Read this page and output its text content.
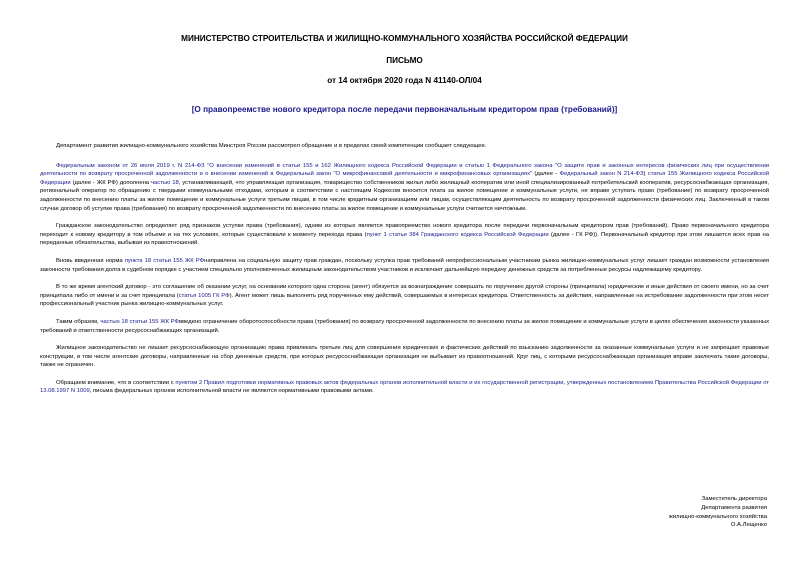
МИНИСТЕРСТВО СТРОИТЕЛЬСТВА И ЖИЛИЩНО-КОММУНАЛЬНОГО ХОЗЯЙСТВА РОССИЙСКОЙ ФЕДЕРАЦИИ
ПИСЬМО
от 14 октября 2020 года N 41140-ОЛ/04
[О правопреемстве нового кредитора после передачи первоначальным кредитором прав (требований)]

Департамент развития жилищно-коммунального хозяйства Минстроя России рассмотрел обращение и в пределах своей компетенции сообщает следующее.

Федеральным законом от 26 июля 2019 г. N 214-ФЗ "О внесении изменений в статьи 155 и 162 Жилищного кодекса Российской Федерации и статью 1 Федерального закона "О защите прав и законных интересов физических лиц при осуществлении деятельности по возврату просроченной задолженности и о внесении изменений в Федеральный закон "О микрофинансовой деятельности и микрофинансовых организациях" (далее - Федеральный закон N 214-ФЗ) статья 155 Жилищного кодекса Российской Федерации (далее - ЖК РФ) дополнена частью 18, устанавливающей, что управляющая организация, товарищество собственников жилья либо жилищный кооператив или иной специализированный потребительский кооператив, ресурсоснабжающая организация, региональный оператор по обращению с твердыми коммунальными отходами, которым в соответствии с настоящим Кодексом вносится плата за жилое помещение и коммунальные услуги, не вправе уступать право (требование) по возврату просроченной задолженности по внесению платы за жилое помещение и коммунальные услуги третьим лицам, в том числе кредитным организациям или лицам, осуществляющим деятельность по возврату просроченной задолженности физических лиц. Заключенный в таком случае договор об уступке права (требования) по возврату просроченной задолженности по внесению платы за жилое помещение и коммунальные услуги считается ничтожным.

Гражданское законодательство определяет ряд признаков уступки права (требования), одним из которых является правопреемство нового кредитора после передачи первоначальным кредитором прав (требований). Право первоначального кредитора переходит к новому кредитору в том объеме и на тех условиях, которые существовали к моменту перехода права (пункт 1 статьи 384 Гражданского кодекса Российской Федерации (далее - ГК РФ)). Первоначальный кредитор при этом лишается всех прав на переданные обязательства, выбывая из правоотношений.

Вновь введенная норма пункта 18 статьи 155 ЖК РФнаправлена на социальную защиту прав граждан, поскольку уступка прав требований непрофессиональным участникам рынка жилищно-коммунальных услуг лишает граждан возможности установления законности требования долга в судебном порядке с участием специально уполномоченных жилищным законодательством участников и исключает дальнейшую передачу денежных средств за потребленные ресурсы надлежащему кредитору.

В то же время агентский договор - это соглашение об оказании услуг, на основании которого одна сторона (агент) обязуется за вознаграждение совершать по поручению другой стороны (принципала) юридические и иные действия от своего имени, но за счет принципала либо от имени и за счет принципала (статья 1005 ГК РФ). Агент может лишь выполнять ряд порученных ему действий, совершаемых в интересах кредитора. Ответственность за действия, направленные на истребование задолженности при этом несет профессиональный участник рынка жилищно-коммунальных услуг.

Таким образом, частью 18 статьи 155 ЖК РФвведено ограничение оборотоспособности права (требования) по возврату просроченной задолженности по внесению платы за жилое помещение и коммунальные услуги в целях обеспечения законности указанных требований и ответственности ресурсоснабжающих организаций.

Жилищное законодательство не лишает ресурсоснабжающую организацию права привлекать третьих лиц для совершения юридических и фактических действий по взысканию задолженности за оказанные коммунальные услуги и не запрещает правовые конструкции, в том числе агентские договоры, направленные на сбор денежных средств, при которых ресурсоснабжающая организация не выбывает из правоотношений. Круг лиц, с которыми ресурсоснабжающая организация вправе заключать такие договоры, также не ограничен.

Обращаем внимание, что в соответствии с пунктом 2 Правил подготовки нормативных правовых актов федеральных органов исполнительной власти и их государственной регистрации, утвержденных постановлением Правительства Российской Федерации от 13.08.1997 N 1009, письма федеральных органов исполнительной власти не являются нормативными правовыми актами.

Заместитель директора
Департамента развития
жилищно-коммунального хозяйства
О.А.Лещенко
